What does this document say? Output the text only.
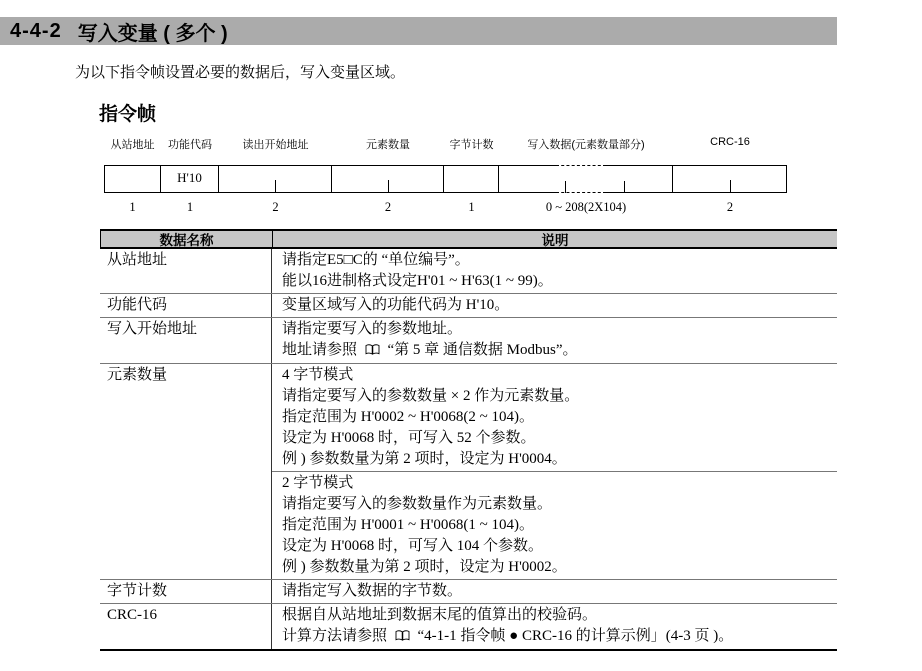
4-4-2 写入变量 ( 多个 )
为以下指令帧设置必要的数据后，写入变量区域。
指令帧
从站地址 功能代码	读出开始地址	元素数量	字节计数	写入数据(元素数量部分)	CRC-16
H'10
1	1	2	2	1	0 ~ 208(2X104)	2
数据名称	说明
从站地址	请指定E5□C的 “单位编号”。
能以16进制格式设定H'01 ~ H'63(1 ~ 99)。
功能代码	变量区域写入的功能代码为 H'10。
写入开始地址	请指定要写入的参数地址。
地址请参照  “第 5 章 通信数据 Modbus”。
元素数量	4 字节模式
请指定要写入的参数数量 × 2 作为元素数量。
指定范围为 H'0002 ~ H'0068(2 ~ 104)。
设定为 H'0068 时，可写入 52 个参数。
例 ) 参数数量为第 2 项时，设定为 H'0004。
2 字节模式
请指定要写入的参数数量作为元素数量。
指定范围为 H'0001 ~ H'0068(1 ~ 104)。
设定为 H'0068 时，可写入 104 个参数。
例 ) 参数数量为第 2 项时，设定为 H'0002。
字节计数	请指定写入数据的字节数。
CRC-16	根据自从站地址到数据末尾的值算出的校验码。
计算方法请参照  “4-1-1 指令帧 ● CRC-16 的计算示例」(4-3 页 )。
